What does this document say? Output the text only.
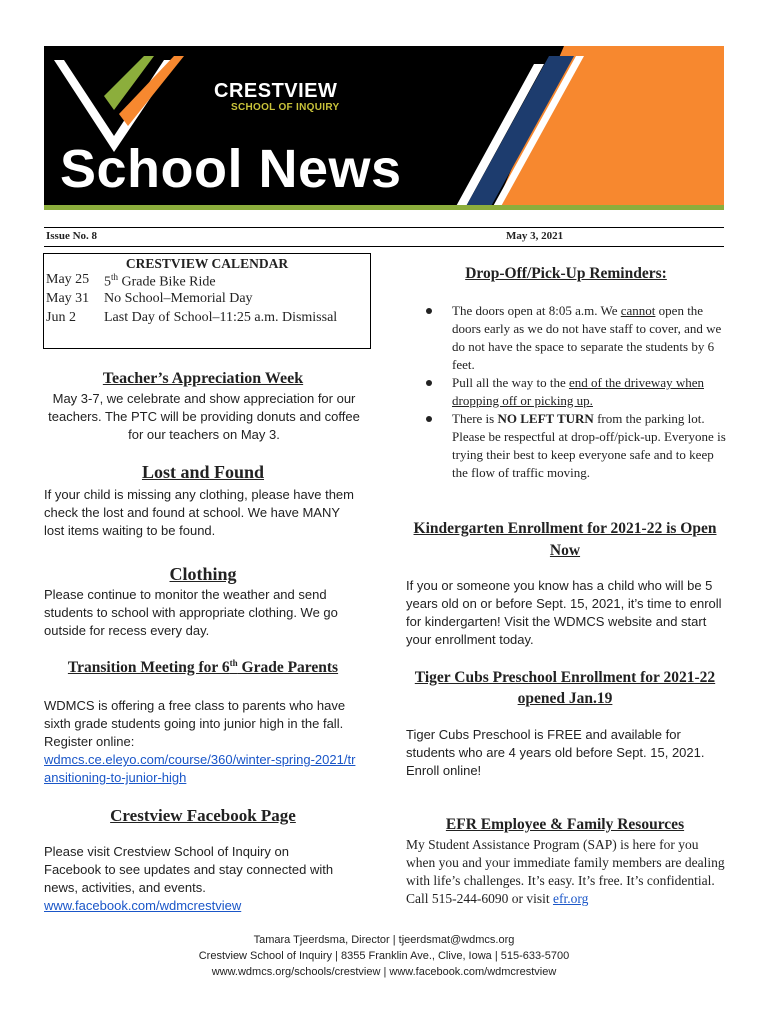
CRESTVIEW
SCHOOL OF INQUIRY
School News
Issue No. 8	May 3, 2021
CRESTVIEW CALENDAR
May 25 5th Grade Bike Ride
May 31 No School–Memorial Day
Jun 2 Last Day of School–11:25 a.m. Dismissal
Teacher’s Appreciation Week
May 3-7, we celebrate and show appreciation for our teachers. The PTC will be providing donuts and coffee for our teachers on May 3.
Lost and Found
If your child is missing any clothing, please have them check the lost and found at school. We have MANY lost items waiting to be found.
Clothing
Please continue to monitor the weather and send students to school with appropriate clothing. We go outside for recess every day.
Transition Meeting for 6th Grade Parents
WDMCS is offering a free class to parents who have sixth grade students going into junior high in the fall. Register online:
wdmcs.ce.eleyo.com/course/360/winter-spring-2021/transitioning-to-junior-high
Crestview Facebook Page
Please visit Crestview School of Inquiry on Facebook to see updates and stay connected with news, activities, and events.
www.facebook.com/wdmcrestview
Drop-Off/Pick-Up Reminders:
The doors open at 8:05 a.m. We cannot open the doors early as we do not have staff to cover, and we do not have the space to separate the students by 6 feet.
Pull all the way to the end of the driveway when dropping off or picking up.
There is NO LEFT TURN from the parking lot. Please be respectful at drop-off/pick-up. Everyone is trying their best to keep everyone safe and to keep the flow of traffic moving.
Kindergarten Enrollment for 2021-22 is Open Now
If you or someone you know has a child who will be 5 years old on or before Sept. 15, 2021, it’s time to enroll for kindergarten! Visit the WDMCS website and start your enrollment today.
Tiger Cubs Preschool Enrollment for 2021-22 opened Jan.19
Tiger Cubs Preschool is FREE and available for students who are 4 years old before Sept. 15, 2021. Enroll online!
EFR Employee & Family Resources
My Student Assistance Program (SAP) is here for you when you and your immediate family members are dealing with life’s challenges. It’s easy. It’s free. It’s confidential. Call 515-244-6090 or visit efr.org
Tamara Tjeerdsma, Director | tjeerdsmat@wdmcs.org
Crestview School of Inquiry | 8355 Franklin Ave., Clive, Iowa | 515-633-5700
www.wdmcs.org/schools/crestview | www.facebook.com/wdmcrestview
